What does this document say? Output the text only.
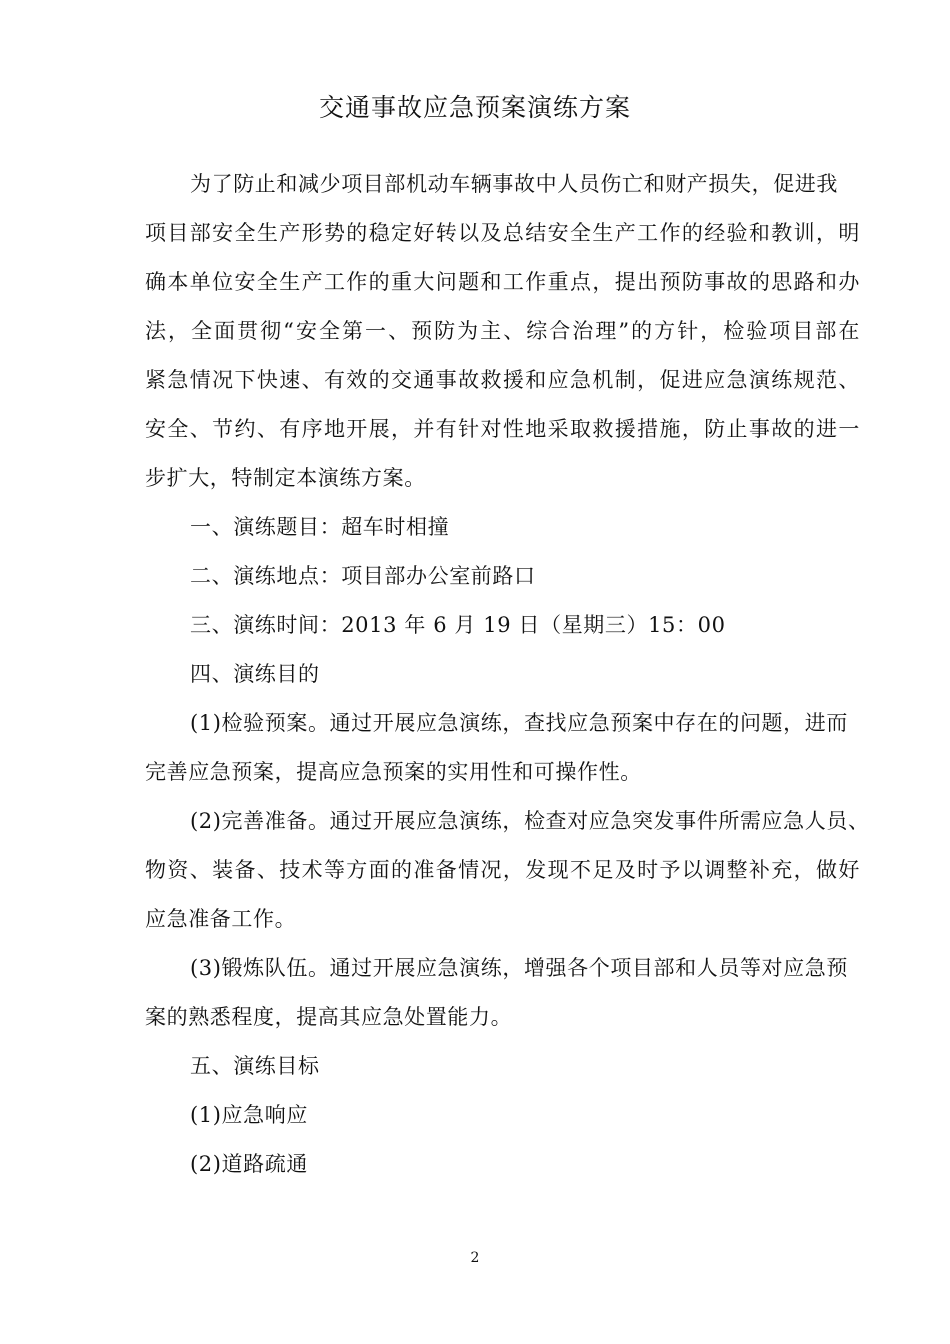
交通事故应急预案演练方案
为了防止和减少项目部机动车辆事故中人员伤亡和财产损失，促进我
项目部安全生产形势的稳定好转以及总结安全生产工作的经验和教训，明
确本单位安全生产工作的重大问题和工作重点，提出预防事故的思路和办
法，全面贯彻“安全第一、预防为主、综合治理”的方针，检验项目部在
紧急情况下快速、有效的交通事故救援和应急机制，促进应急演练规范、
安全、节约、有序地开展，并有针对性地采取救援措施，防止事故的进一
步扩大，特制定本演练方案。
一、演练题目：超车时相撞
二、演练地点：项目部办公室前路口
三、演练时间：2013 年 6 月 19 日（星期三）15：00
四、演练目的
(1)检验预案。通过开展应急演练，查找应急预案中存在的问题，进而
完善应急预案，提高应急预案的实用性和可操作性。
(2)完善准备。通过开展应急演练，检查对应急突发事件所需应急人员、
物资、装备、技术等方面的准备情况，发现不足及时予以调整补充，做好
应急准备工作。
(3)锻炼队伍。通过开展应急演练，增强各个项目部和人员等对应急预
案的熟悉程度，提高其应急处置能力。
五、演练目标
(1)应急响应
(2)道路疏通
2
